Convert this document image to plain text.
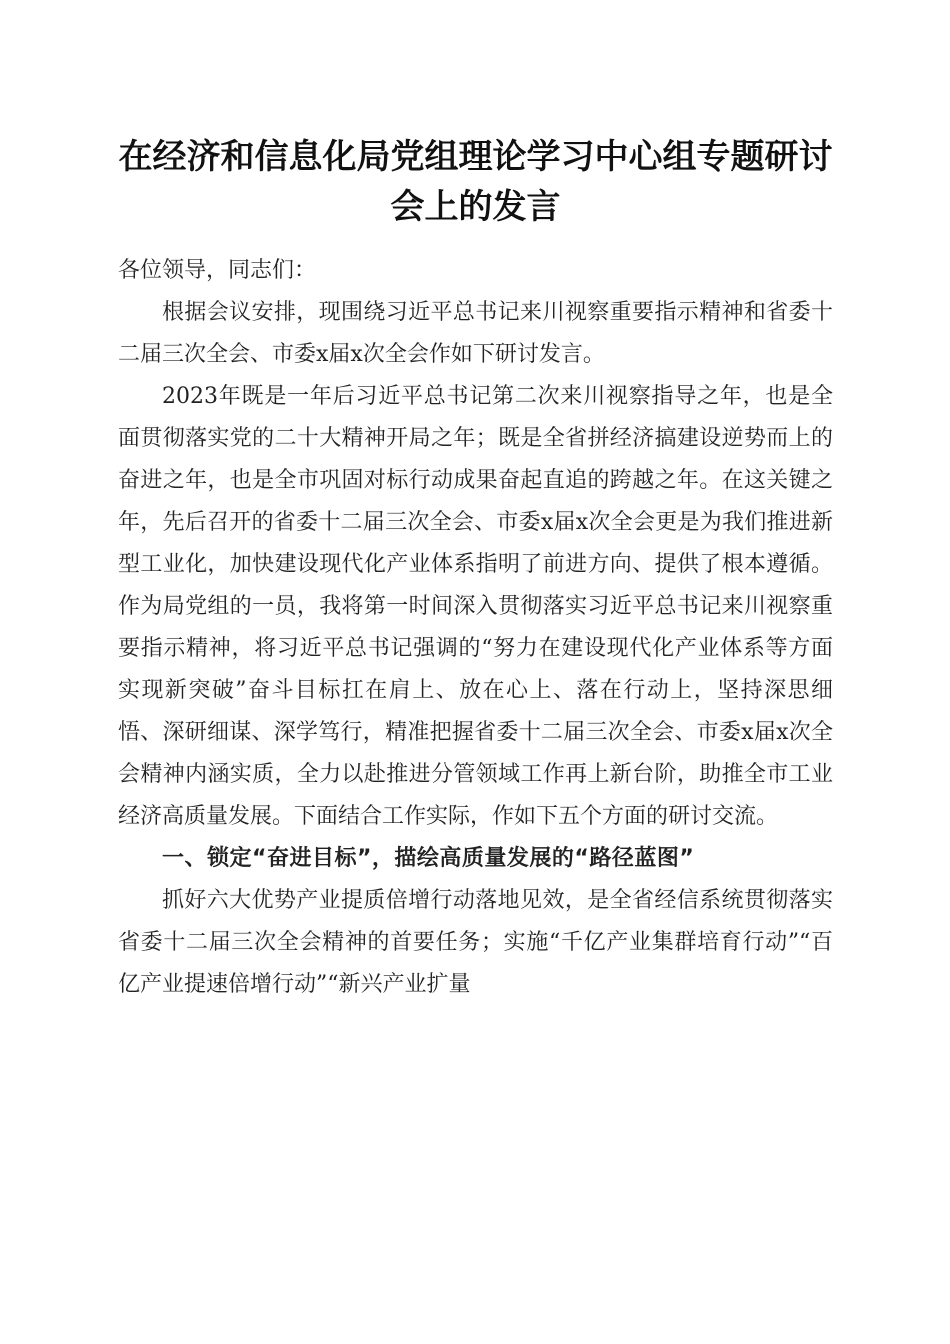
在经济和信息化局党组理论学习中心组专题研讨会上的发言

各位领导，同志们：

根据会议安排，现围绕习近平总书记来川视察重要指示精神和省委十二届三次全会、市委x届x次全会作如下研讨发言。

2023年既是一年后习近平总书记第二次来川视察指导之年，也是全面贯彻落实党的二十大精神开局之年；既是全省拼经济搞建设逆势而上的奋进之年，也是全市巩固对标行动成果奋起直追的跨越之年。在这关键之年，先后召开的省委十二届三次全会、市委x届x次全会更是为我们推进新型工业化，加快建设现代化产业体系指明了前进方向、提供了根本遵循。作为局党组的一员，我将第一时间深入贯彻落实习近平总书记来川视察重要指示精神，将习近平总书记强调的“努力在建设现代化产业体系等方面实现新突破”奋斗目标扛在肩上、放在心上、落在行动上，坚持深思细悟、深研细谋、深学笃行，精准把握省委十二届三次全会、市委x届x次全会精神内涵实质，全力以赴推进分管领域工作再上新台阶，助推全市工业经济高质量发展。下面结合工作实际，作如下五个方面的研讨交流。

一、锁定“奋进目标”，描绘高质量发展的“路径蓝图”

抓好六大优势产业提质倍增行动落地见效，是全省经信系统贯彻落实省委十二届三次全会精神的首要任务；实施“千亿产业集群培育行动”“百亿产业提速倍增行动”“新兴产业扩量
